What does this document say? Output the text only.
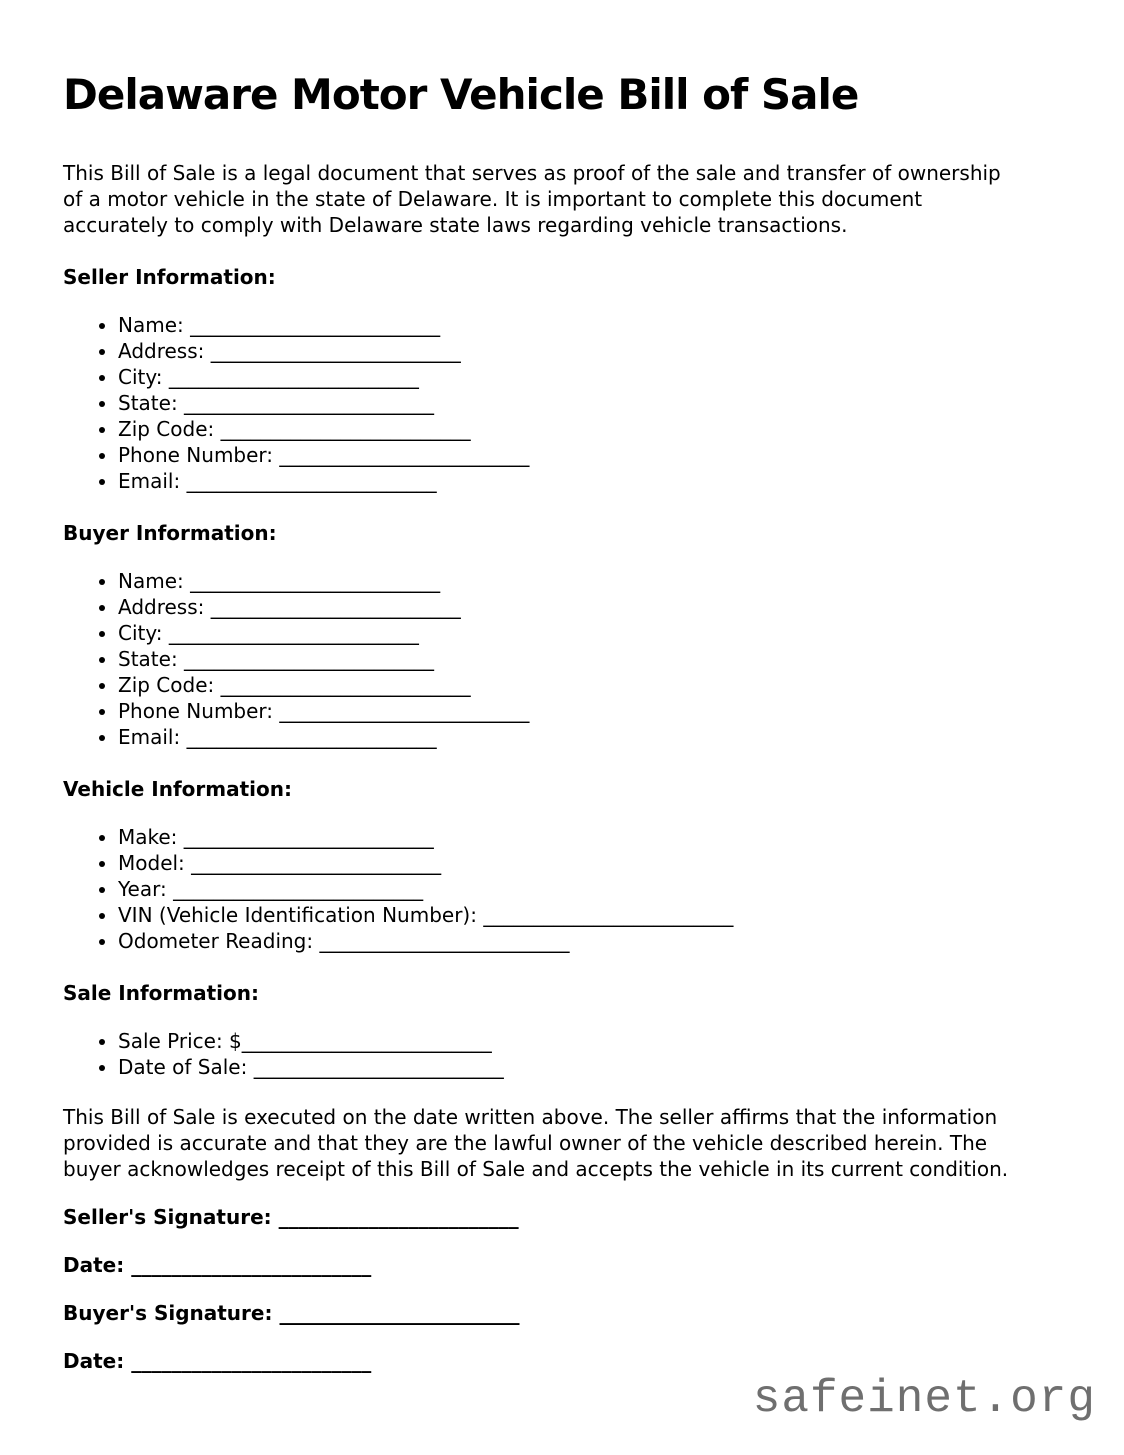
Delaware Motor Vehicle Bill of Sale

This Bill of Sale is a legal document that serves as proof of the sale and transfer of ownership of a motor vehicle in the state of Delaware. It is important to complete this document accurately to comply with Delaware state laws regarding vehicle transactions.

Seller Information:
• Name: _________________________
• Address: _________________________
• City: _________________________
• State: _________________________
• Zip Code: _________________________
• Phone Number: _________________________
• Email: _________________________
Buyer Information:
• Name: _________________________
• Address: _________________________
• City: _________________________
• State: _________________________
• Zip Code: _________________________
• Phone Number: _________________________
• Email: _________________________
Vehicle Information:
• Make: _________________________
• Model: _________________________
• Year: _________________________
• VIN (Vehicle Identification Number): _________________________
• Odometer Reading: _________________________
Sale Information:
• Sale Price: $_________________________
• Date of Sale: _________________________

This Bill of Sale is executed on the date written above. The seller affirms that the information provided is accurate and that they are the lawful owner of the vehicle described herein. The buyer acknowledges receipt of this Bill of Sale and accepts the vehicle in its current condition.

Seller's Signature: ________________________

Date: ________________________

Buyer's Signature: ________________________

Date: ________________________

safeinet.org
